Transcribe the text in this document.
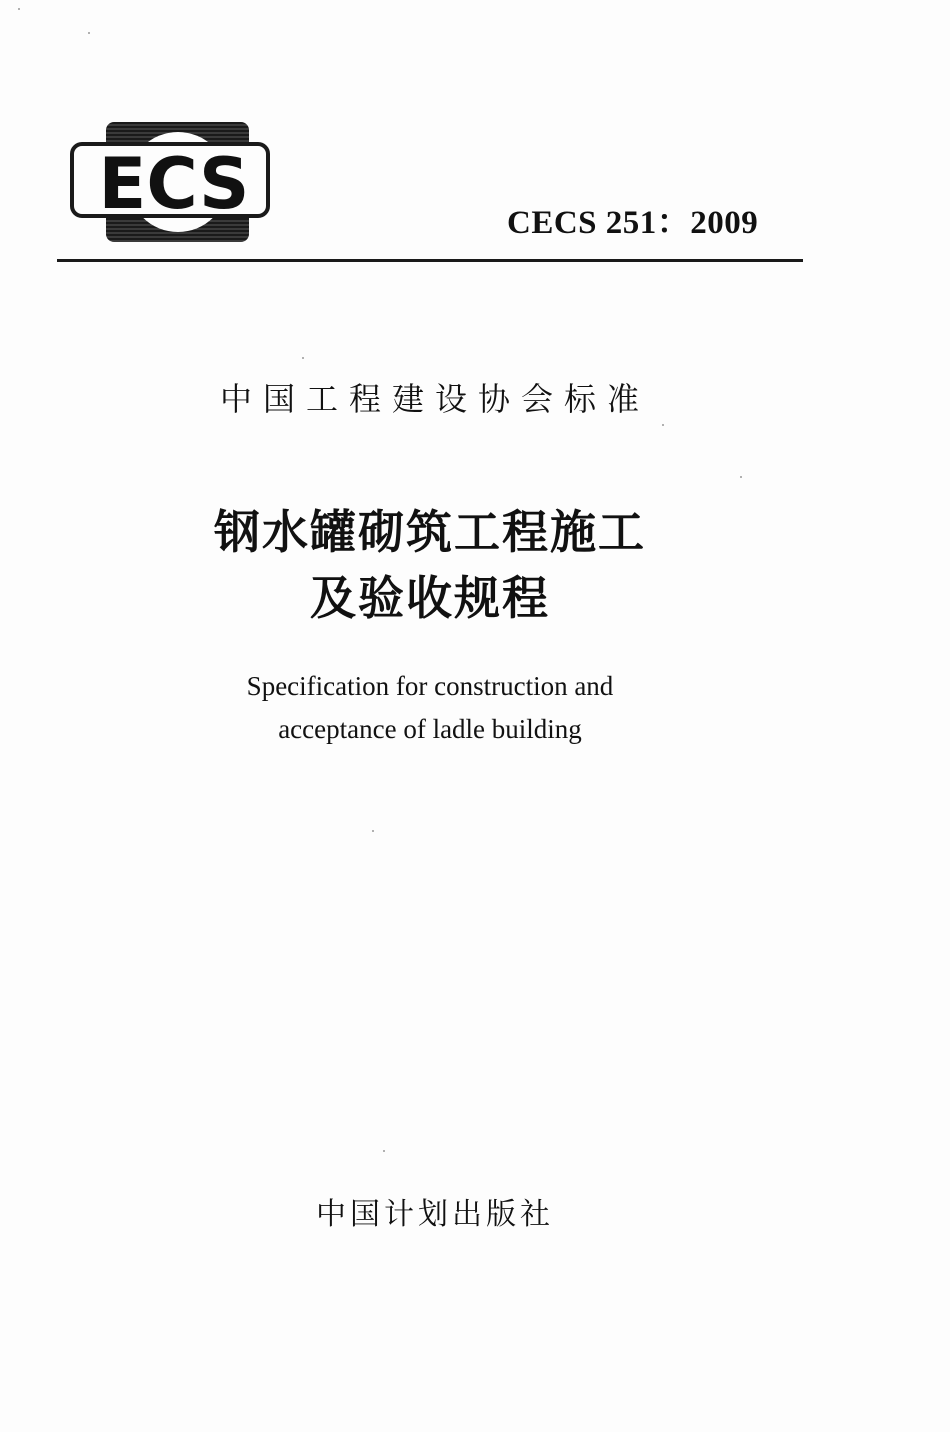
ECS	CECS 251：2009
中国工程建设协会标准
钢水罐砌筑工程施工
及验收规程
Specification for construction and
acceptance of ladle building
中国计划出版社
